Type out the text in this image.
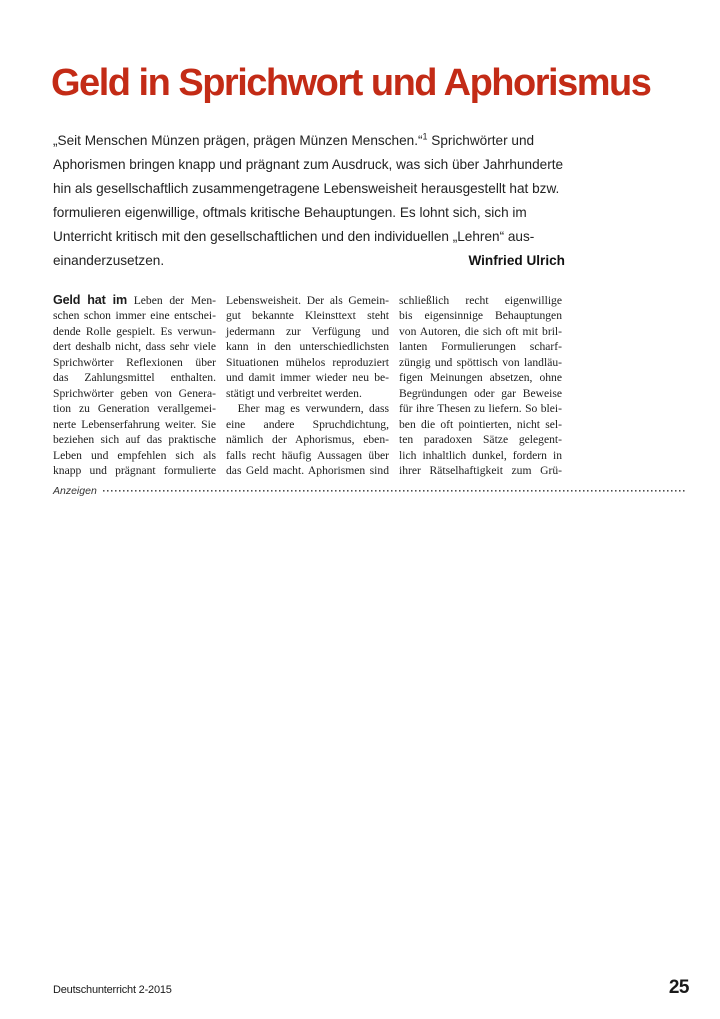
Geld in Sprichwort und Aphorismus
„Seit Menschen Münzen prägen, prägen Münzen Menschen.“$^1$ Sprichwörter und
Aphorismen bringen knapp und prägnant zum Ausdruck, was sich über Jahrhunderte
hin als gesellschaftlich zusammengetragene Lebensweisheit herausgestellt hat bzw.
formulieren eigenwillige, oftmals kritische Behauptungen. Es lohnt sich, sich im
Unterricht kritisch mit den gesellschaftlichen und den individuellen „Lehren“ aus-
einanderzusetzen.	Winfried Ulrich
Geld hat im Leben der Men-
schen schon immer eine entschei-
dende Rolle gespielt. Es verwun-
dert deshalb nicht, dass sehr viele
Sprichwörter Reflexionen über
das Zahlungsmittel enthalten.
Sprichwörter geben von Genera-
tion zu Generation verallgemei-
nerte Lebenserfahrung weiter. Sie
beziehen sich auf das praktische
Leben und empfehlen sich als
knapp und prägnant formulierte
Lebensweisheit. Der als Gemein-
gut bekannte Kleinsttext steht
jedermann zur Verfügung und
kann in den unterschiedlichsten
Situationen mühelos reproduziert
und damit immer wieder neu be-
stätigt und verbreitet werden.
 Eher mag es verwundern, dass
eine andere Spruchdichtung,
nämlich der Aphorismus, eben-
falls recht häufig Aussagen über
das Geld macht. Aphorismen sind
schließlich recht eigenwillige
bis eigensinnige Behauptungen
von Autoren, die sich oft mit bril-
lanten Formulierungen scharf-
züngig und spöttisch von landläu-
figen Meinungen absetzen, ohne
Begründungen oder gar Beweise
für ihre Thesen zu liefern. So blei-
ben die oft pointierten, nicht sel-
ten paradoxen Sätze gelegent-
lich inhaltlich dunkel, fordern in
ihrer Rätselhaftigkeit zum Grü-
Anzeigen
Deutschunterricht 2-2015	25
